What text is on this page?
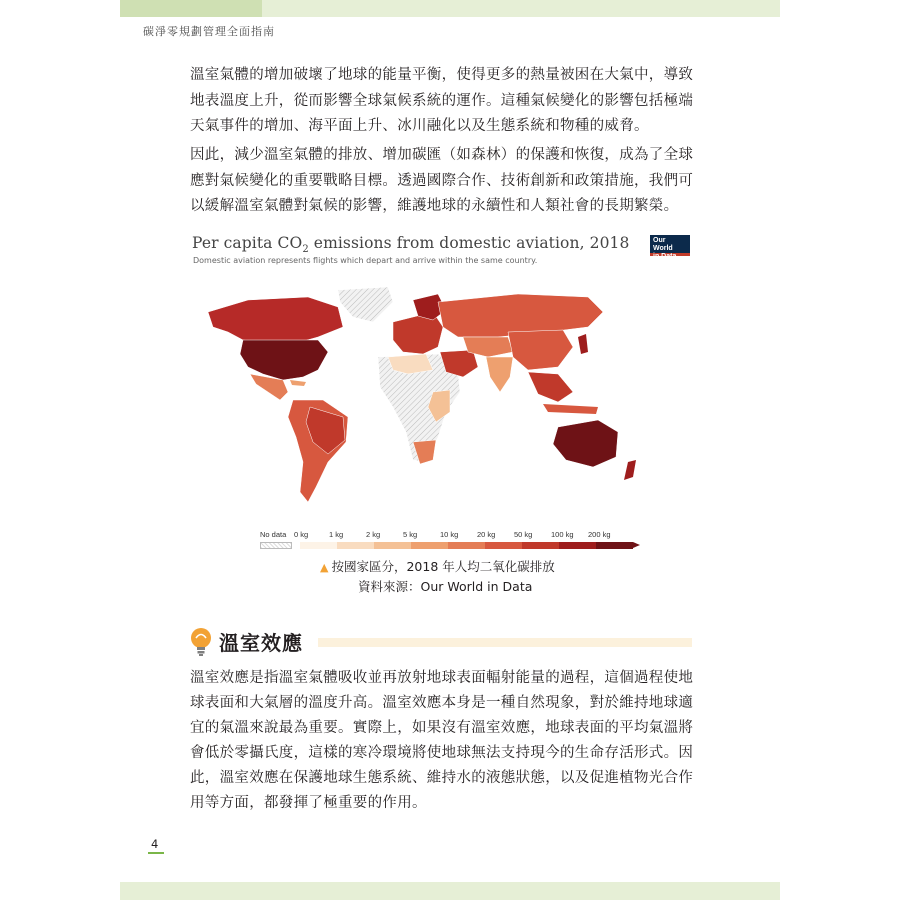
碳淨零規劃管理全面指南
溫室氣體的增加破壞了地球的能量平衡，使得更多的熱量被困在大氣中，導致地表溫度上升，從而影響全球氣候系統的運作。這種氣候變化的影響包括極端天氣事件的增加、海平面上升、冰川融化以及生態系統和物種的威脅。
因此，減少溫室氣體的排放、增加碳匯（如森林）的保護和恢復，成為了全球應對氣候變化的重要戰略目標。透過國際合作、技術創新和政策措施，我們可以緩解溫室氣體對氣候的影響，維護地球的永續性和人類社會的長期繁榮。
Per capita $CO_2$ emissions from domestic aviation, 2018
Domestic aviation represents flights which depart and arrive within the same country.
Our World
in Data
No data 0 kg	1 kg	2 kg	5 kg	10 kg 20 kg 50 kg 100 kg 200 kg
▲ 按國家區分，2018 年人均二氧化碳排放
資料來源：Our World in Data
溫室效應
溫室效應是指溫室氣體吸收並再放射地球表面輻射能量的過程，這個過程使地球表面和大氣層的溫度升高。溫室效應本身是一種自然現象，對於維持地球適宜的氣溫來說最為重要。實際上，如果沒有溫室效應，地球表面的平均氣溫將會低於零攝氏度，這樣的寒冷環境將使地球無法支持現今的生命存活形式。因此，溫室效應在保護地球生態系統、維持水的液態狀態，以及促進植物光合作用等方面，都發揮了極重要的作用。
4
